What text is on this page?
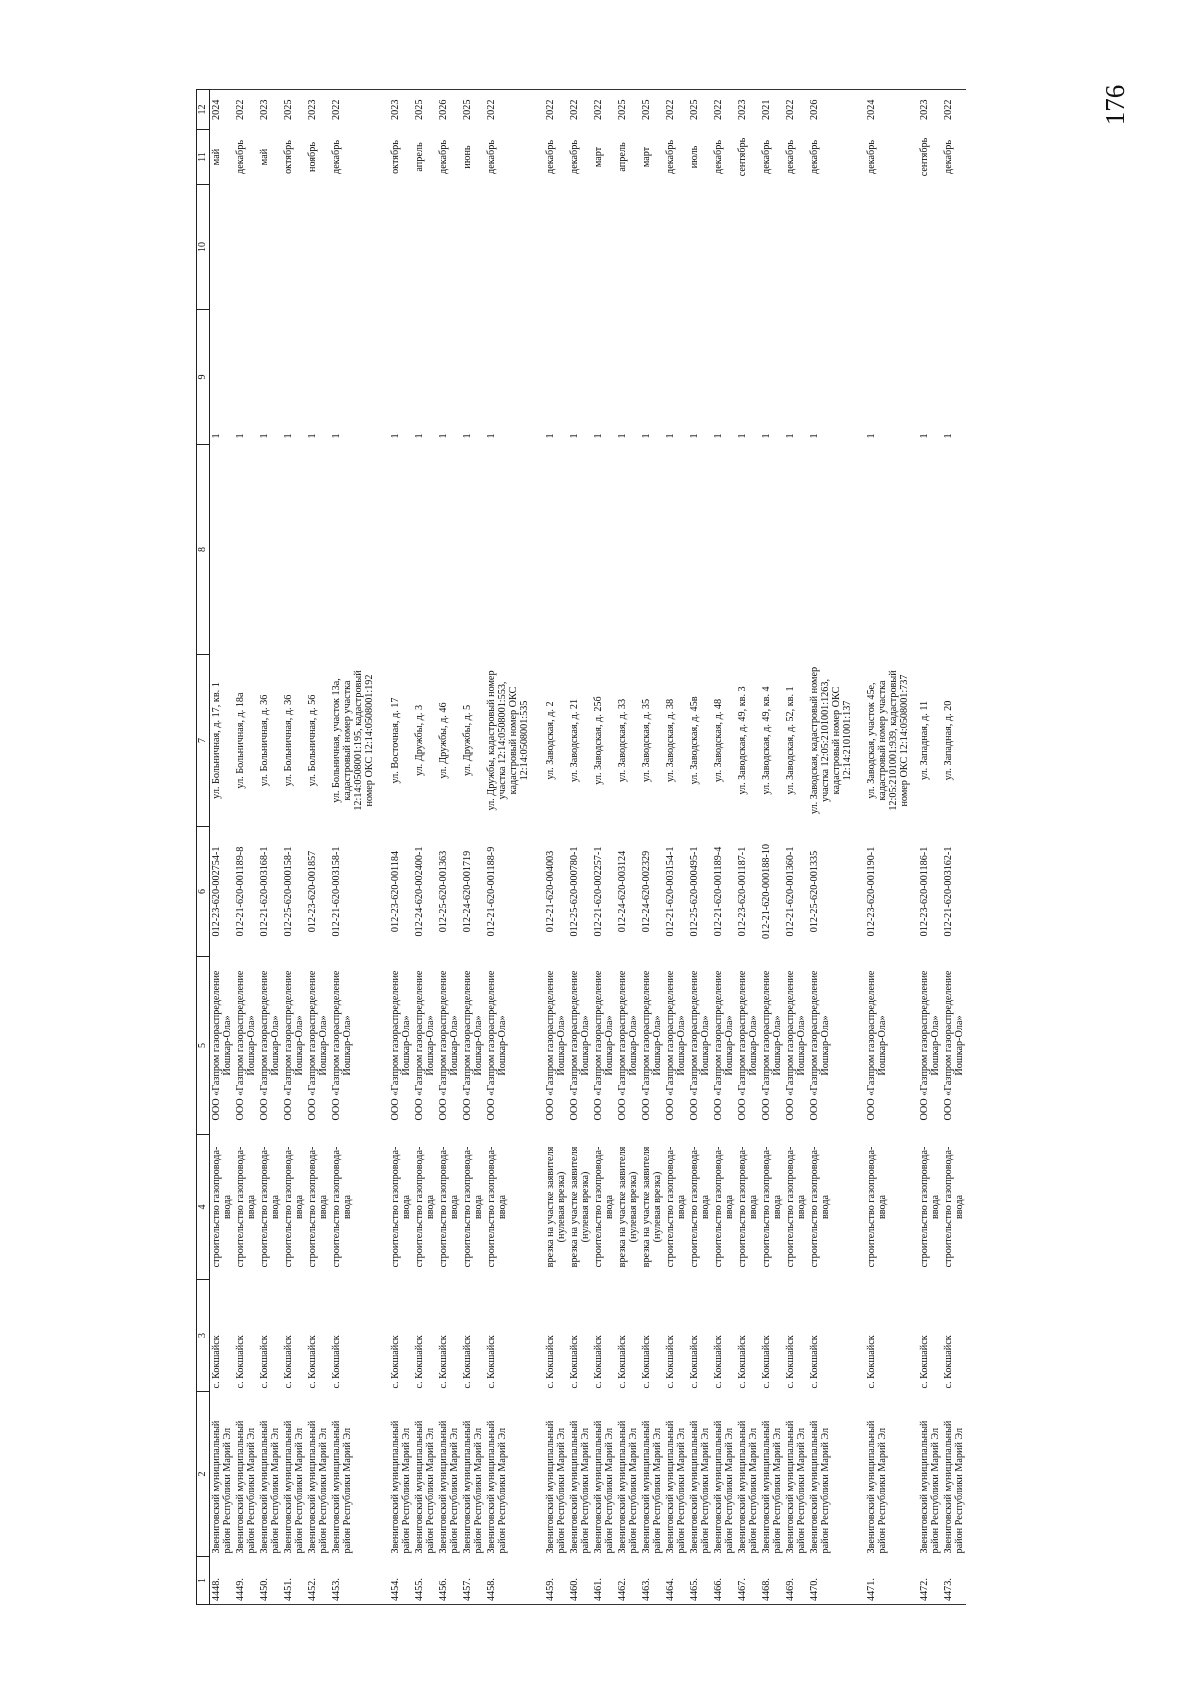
176
1	2	3	4	5	6	7	8	9	10	11	12
4448.	Звениговский муниципальный район Республики Марий Эл	с. Кокшайск	строительство газопровода-ввода	ООО «Газпром газораспределение Йошкар-Ола»	012-23-620-002754-1	ул. Больничная, д. 17, кв. 1		1		май	2024
4449.	Звениговский муниципальный район Республики Марий Эл	с. Кокшайск	строительство газопровода-ввода	ООО «Газпром газораспределение Йошкар-Ола»	012-21-620-001189-8	ул. Больничная, д. 18а		1		декабрь	2022
4450.	Звениговский муниципальный район Республики Марий Эл	с. Кокшайск	строительство газопровода-ввода	ООО «Газпром газораспределение Йошкар-Ола»	012-21-620-003168-1	ул. Больничная, д. 36		1		май	2023
4451.	Звениговский муниципальный район Республики Марий Эл	с. Кокшайск	строительство газопровода-ввода	ООО «Газпром газораспределение Йошкар-Ола»	012-25-620-000158-1	ул. Больничная, д. 36		1		октябрь	2025
4452.	Звениговский муниципальный район Республики Марий Эл	с. Кокшайск	строительство газопровода-ввода	ООО «Газпром газораспределение Йошкар-Ола»	012-23-620-001857	ул. Больничная, д. 56		1		ноябрь	2023
4453.	Звениговский муниципальный район Республики Марий Эл	с. Кокшайск	строительство газопровода-ввода	ООО «Газпром газораспределение Йошкар-Ола»	012-21-620-003158-1	ул. Больничная, участок 13а, кадастровый номер участка 12:14:0508001:195, кадастровый номер ОКС 12:14:0508001:192		1		декабрь	2022
4454.	Звениговский муниципальный район Республики Марий Эл	с. Кокшайск	строительство газопровода-ввода	ООО «Газпром газораспределение Йошкар-Ола»	012-23-620-001184	ул. Восточная, д. 17		1		октябрь	2023
4455.	Звениговский муниципальный район Республики Марий Эл	с. Кокшайск	строительство газопровода-ввода	ООО «Газпром газораспределение Йошкар-Ола»	012-24-620-002400-1	ул. Дружбы, д. 3		1		апрель	2025
4456.	Звениговский муниципальный район Республики Марий Эл	с. Кокшайск	строительство газопровода-ввода	ООО «Газпром газораспределение Йошкар-Ола»	012-25-620-001363	ул. Дружбы, д. 46		1		декабрь	2026
4457.	Звениговский муниципальный район Республики Марий Эл	с. Кокшайск	строительство газопровода-ввода	ООО «Газпром газораспределение Йошкар-Ола»	012-24-620-001719	ул. Дружбы, д. 5		1		июнь	2025
4458.	Звениговский муниципальный район Республики Марий Эл	с. Кокшайск	строительство газопровода-ввода	ООО «Газпром газораспределение Йошкар-Ола»	012-21-620-001188-9	ул. Дружбы, кадастровый номер участка 12:14:0508001:553, кадастровый номер ОКС 12:14:0508001:535		1		декабрь	2022
4459.	Звениговский муниципальный район Республики Марий Эл	с. Кокшайск	врезка на участке заявителя (нулевая врезка)	ООО «Газпром газораспределение Йошкар-Ола»	012-21-620-004003	ул. Заводская, д. 2		1		декабрь	2022
4460.	Звениговский муниципальный район Республики Марий Эл	с. Кокшайск	врезка на участке заявителя (нулевая врезка)	ООО «Газпром газораспределение Йошкар-Ола»	012-25-620-000780-1	ул. Заводская, д. 21		1		декабрь	2022
4461.	Звениговский муниципальный район Республики Марий Эл	с. Кокшайск	строительство газопровода-ввода	ООО «Газпром газораспределение Йошкар-Ола»	012-21-620-002257-1	ул. Заводская, д. 25б		1		март	2022
4462.	Звениговский муниципальный район Республики Марий Эл	с. Кокшайск	врезка на участке заявителя (нулевая врезка)	ООО «Газпром газораспределение Йошкар-Ола»	012-24-620-003124	ул. Заводская, д. 33		1		апрель	2025
4463.	Звениговский муниципальный район Республики Марий Эл	с. Кокшайск	врезка на участке заявителя (нулевая врезка)	ООО «Газпром газораспределение Йошкар-Ола»	012-24-620-002329	ул. Заводская, д. 35		1		март	2025
4464.	Звениговский муниципальный район Республики Марий Эл	с. Кокшайск	строительство газопровода-ввода	ООО «Газпром газораспределение Йошкар-Ола»	012-21-620-003154-1	ул. Заводская, д. 38		1		декабрь	2022
4465.	Звениговский муниципальный район Республики Марий Эл	с. Кокшайск	строительство газопровода-ввода	ООО «Газпром газораспределение Йошкар-Ола»	012-25-620-000495-1	ул. Заводская, д. 45в		1		июль	2025
4466.	Звениговский муниципальный район Республики Марий Эл	с. Кокшайск	строительство газопровода-ввода	ООО «Газпром газораспределение Йошкар-Ола»	012-21-620-001189-4	ул. Заводская, д. 48		1		декабрь	2022
4467.	Звениговский муниципальный район Республики Марий Эл	с. Кокшайск	строительство газопровода-ввода	ООО «Газпром газораспределение Йошкар-Ола»	012-23-620-001187-1	ул. Заводская, д. 49, кв. 3		1		сентябрь	2023
4468.	Звениговский муниципальный район Республики Марий Эл	с. Кокшайск	строительство газопровода-ввода	ООО «Газпром газораспределение Йошкар-Ола»	012-21-620-000188-10	ул. Заводская, д. 49, кв. 4		1		декабрь	2021
4469.	Звениговский муниципальный район Республики Марий Эл	с. Кокшайск	строительство газопровода-ввода	ООО «Газпром газораспределение Йошкар-Ола»	012-21-620-001360-1	ул. Заводская, д. 52, кв. 1		1		декабрь	2022
4470.	Звениговский муниципальный район Республики Марий Эл	с. Кокшайск	строительство газопровода-ввода	ООО «Газпром газораспределение Йошкар-Ола»	012-25-620-001335	ул. Заводская, кадастровый номер участка 12:05:2101001:1263, кадастровый номер ОКС 12:14:2101001:137		1		декабрь	2026
4471.	Звениговский муниципальный район Республики Марий Эл	с. Кокшайск	строительство газопровода-ввода	ООО «Газпром газораспределение Йошкар-Ола»	012-23-620-001190-1	ул. Заводская, участок 45е, кадастровый номер участка 12:05:2101001:939, кадастровый номер ОКС 12:14:0508001:737		1		декабрь	2024
4472.	Звениговский муниципальный район Республики Марий Эл	с. Кокшайск	строительство газопровода-ввода	ООО «Газпром газораспределение Йошкар-Ола»	012-23-620-001186-1	ул. Западная, д. 11		1		сентябрь	2023
4473.	Звениговский муниципальный район Республики Марий Эл	с. Кокшайск	строительство газопровода-ввода	ООО «Газпром газораспределение Йошкар-Ола»	012-21-620-003162-1	ул. Западная, д. 20		1		декабрь	2022
